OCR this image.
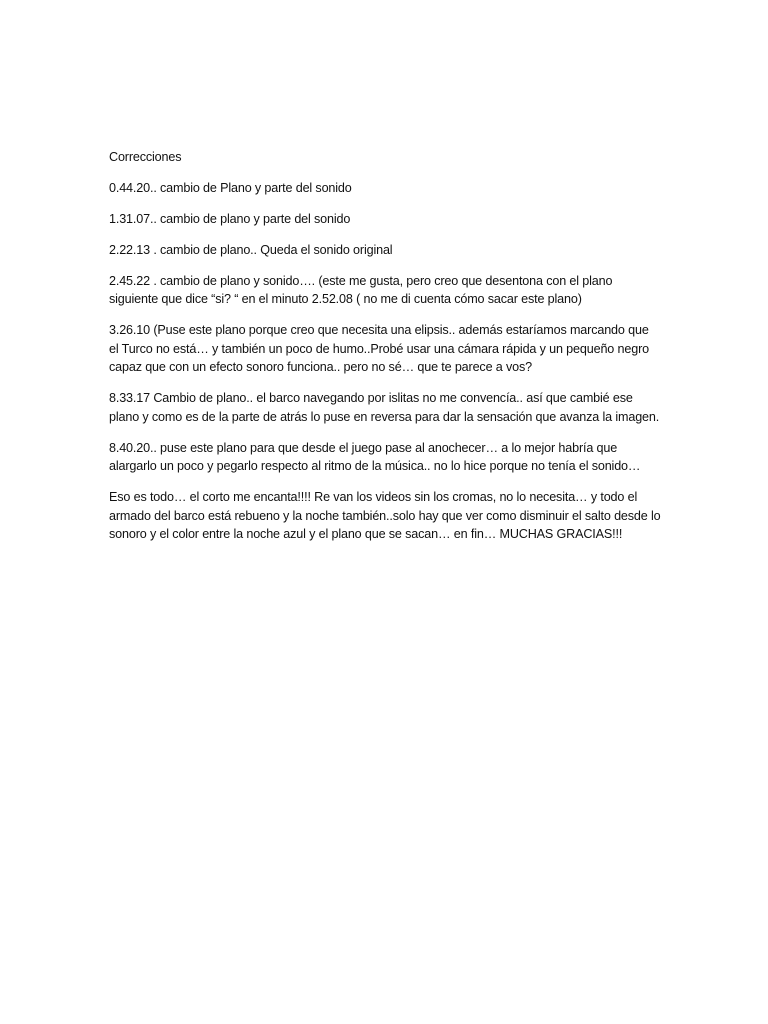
Correcciones

0.44.20.. cambio de Plano y parte del sonido

1.31.07.. cambio de plano y parte del sonido

2.22.13 . cambio de plano.. Queda el sonido original

2.45.22 . cambio de plano y sonido…. (este me gusta, pero creo que desentona con el plano siguiente que dice “si? “ en el minuto 2.52.08 ( no me di cuenta cómo sacar este plano)

3.26.10 (Puse este plano porque creo que necesita una elipsis.. además estaríamos marcando que el Turco no está… y también un poco de humo..Probé usar una cámara rápida y un pequeño negro capaz que con un efecto sonoro funciona.. pero no sé… que te parece a vos?

8.33.17 Cambio de plano.. el barco navegando por islitas no me convencía.. así que cambié ese plano y como es de la parte de atrás lo puse en reversa para dar la sensación que avanza la imagen.

8.40.20.. puse este plano para que desde el juego pase al anochecer… a lo mejor habría que alargarlo un poco y pegarlo respecto al ritmo de la música.. no lo hice porque no tenía el sonido…

Eso es todo… el corto me encanta!!!! Re van los videos sin los cromas, no lo necesita… y todo el armado del barco está rebueno y la noche también..solo hay que ver como disminuir el salto desde lo sonoro y el color entre la noche azul y el plano que se sacan… en fin… MUCHAS GRACIAS!!!
